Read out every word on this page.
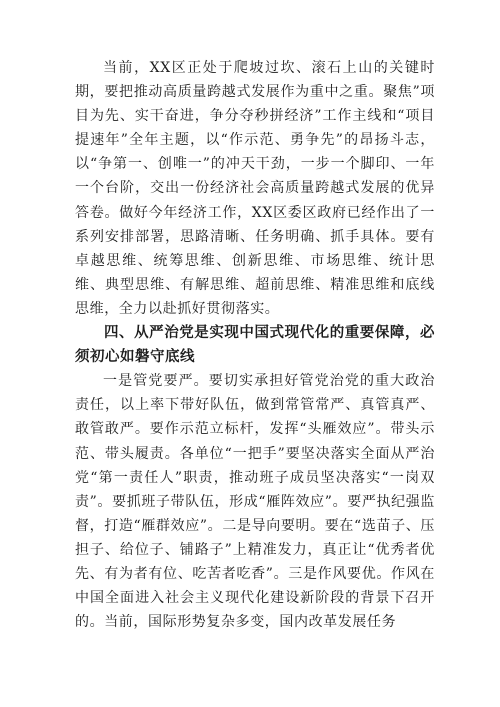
当前，XX区正处于爬坡过坎、滚石上山的关键时期，要把推动高质量跨越式发展作为重中之重。聚焦”项目为先、实干奋进，争分夺秒拼经济”工作主线和“项目提速年”全年主题，以“作示范、勇争先”的昂扬斗志，以“争第一、创唯一”的冲天干劲，一步一个脚印、一年一个台阶，交出一份经济社会高质量跨越式发展的优异答卷。做好今年经济工作，XX区委区政府已经作出了一系列安排部署，思路清晰、任务明确、抓手具体。要有卓越思维、统筹思维、创新思维、市场思维、统计思维、典型思维、有解思维、超前思维、精准思维和底线思维，全力以赴抓好贯彻落实。

四、从严治党是实现中国式现代化的重要保障，必须初心如磐守底线

一是管党要严。要切实承担好管党治党的重大政治责任，以上率下带好队伍，做到常管常严、真管真严、敢管敢严。要作示范立标杆，发挥“头雁效应”。带头示范、带头履责。各单位“一把手”要坚决落实全面从严治党“第一责任人”职责，推动班子成员坚决落实“一岗双责”。要抓班子带队伍，形成“雁阵效应”。要严执纪强监督，打造“雁群效应”。二是导向要明。要在“选苗子、压担子、给位子、铺路子”上精准发力，真正让“优秀者优先、有为者有位、吃苦者吃香”。三是作风要优。作风在中国全面进入社会主义现代化建设新阶段的背景下召开的。当前，国际形势复杂多变，国内改革发展任务
